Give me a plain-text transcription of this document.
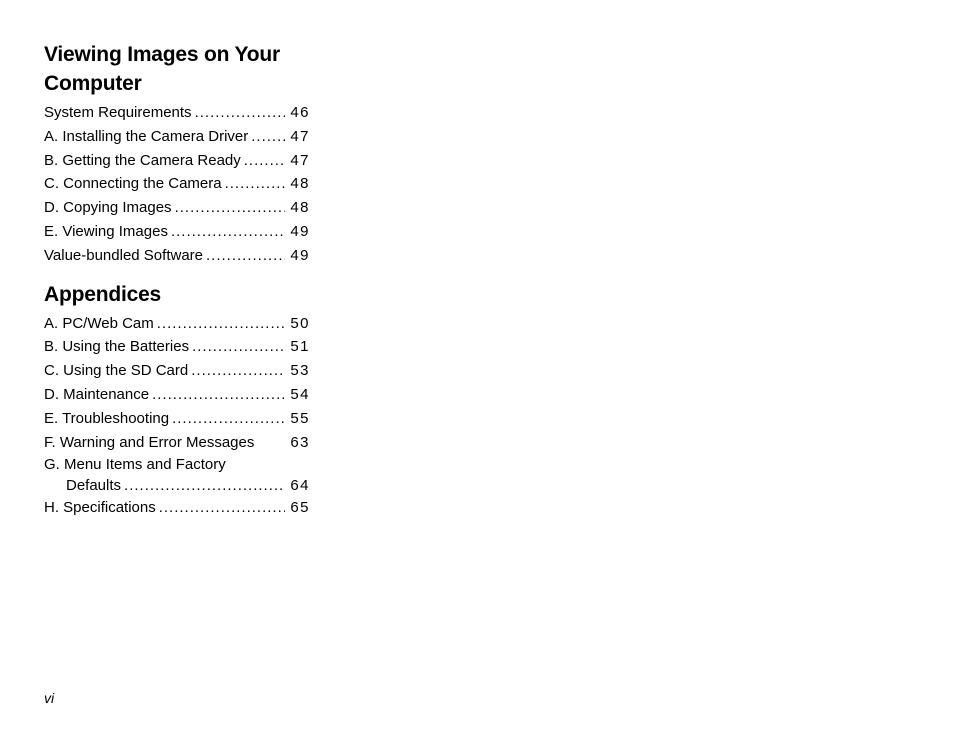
Viewing Images on Your Computer
System Requirements .....	46
A. Installing the Camera Driver .....	47
B. Getting the Camera Ready .....	47
C. Connecting the Camera .....	48
D. Copying Images .....	48
E. Viewing Images .....	49
Value-bundled Software .....	49
Appendices
A. PC/Web Cam .....	50
B. Using the Batteries .....	51
C. Using the SD Card .....	53
D. Maintenance .....	54
E. Troubleshooting .....	55
F. Warning and Error Messages 63
G. Menu Items and Factory
Defaults .....	64
H. Specifications .....	65
vi
